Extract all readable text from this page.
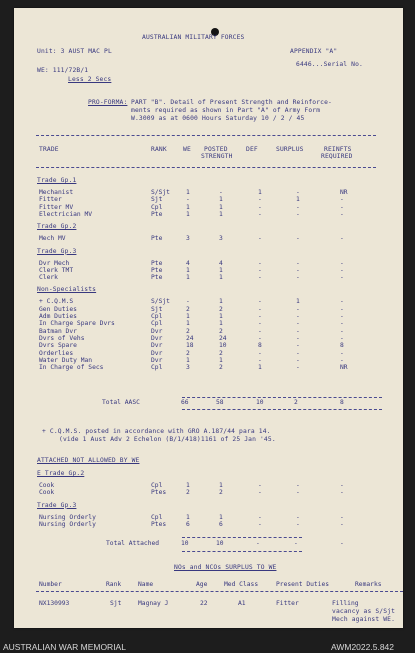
AUSTRALIAN MILITARY FORCES
APPENDIX "A"
Unit: 3 AUST MAC PL
6446...Serial No.
WE: 111/72B/1
Less 2 Secs
PRO-FORMA: PART "B". Detail of Present Strength and Reinforce-
ments required as shown in Part "A" of Army Form
W.3009 as at 0600 Hours Saturday 10 / 2 / 45
TRADE	RANK	WE POSTED
STRENGTH
DEF	SURPLUS	REINFTS
REQUIRED
Trade Gp.1
Mechanist	S/Sjt	1	-	1	-	NR
Fitter	Sjt	-	1	-	1	-
Fitter MV	Cpl	1	1	-	-	-
Electrician MV	Pte	1	1	-	-	-
Trade Gp.2
Mech MV	Pte	3	3	-	-	-
Trade Gp.3
Dvr Mech	Pte	4	4	-	-	-
Clerk TMT	Pte	1	1	-	-	-
Clerk	Pte	1	1	-	-	-
Non-Specialists
+ C.Q.M.S	S/Sjt	-	1	-	1	-
Gen Duties	Sjt	2	2	-	-	-
Adm Duties	Cpl	1	1	-	-	-
In Charge Spare Dvrs	Cpl	1	1	-	-	-
Batman Dvr	Dvr	2	2	-	-	-
Dvrs of Vehs	Dvr	24	24	-	-	-
Dvrs Spare	Dvr	18	10	8	-	8
Orderlies	Dvr	2	2	-	-	-
Water Duty Man	Dvr	1	1	-	-	-
In Charge of Secs	Cpl	3	2	1	-	NR
Total AASC	66	58	10	2	8
+ C.Q.M.S. posted in accordance with GRO A.187/44 para 14.
(vide 1 Aust Adv 2 Echelon (B/1/418)1161 of 25 Jan '45.
ATTACHED NOT ALLOWED BY WE
E Trade Gp.2
Cook	Cpl	1	1	-	-	-
Cook	Ptes	2	2	-	-	-
Trade Gp.3
Nursing Orderly	Cpl	1	1	-	-	-
Nursing Orderly	Ptes	6	6	-	-	-
Total Attached	10	10	-	-	-
NOs and NCOs SURPLUS TO WE
Number	Rank	Name	Age	Med Class	Present Duties	Remarks
NX130993	Sjt	Magnay J	22	A1	Fitter	Filling
vacancy as S/Sjt
Mech against WE.
AUSTRALIAN WAR MEMORIAL	AWM2022.5.842
